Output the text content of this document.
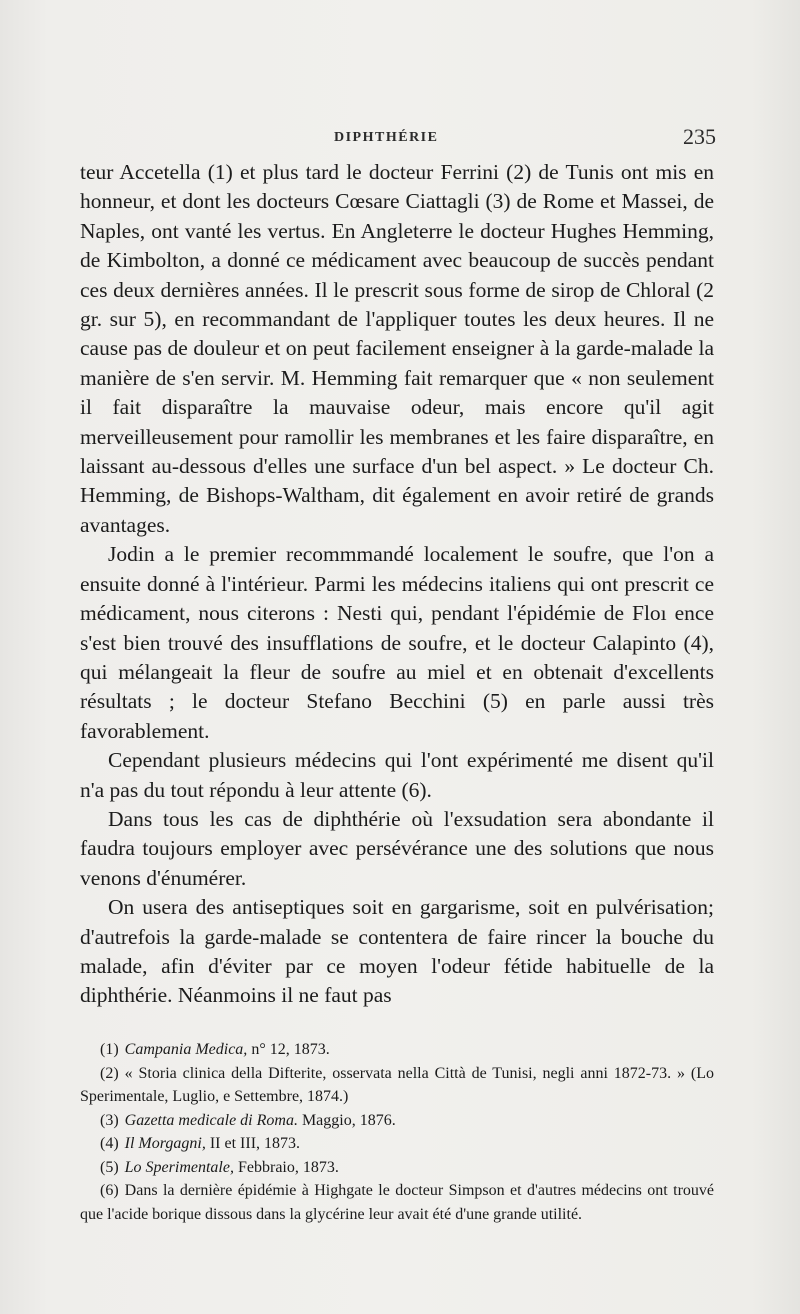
DIPHTHÉRIE	235

teur Accetella (1) et plus tard le docteur Ferrini (2) de Tunis ont mis en honneur, et dont les docteurs Cœsare Ciattagli (3) de Rome et Massei, de Naples, ont vanté les vertus. En Angleterre le docteur Hughes Hemming, de Kimbolton, a donné ce médicament avec beaucoup de succès pendant ces deux dernières années. Il le prescrit sous forme de sirop de Chloral (2 gr. sur 5), en recommandant de l'appliquer toutes les deux heures. Il ne cause pas de douleur et on peut facilement enseigner à la garde-malade la manière de s'en servir. M. Hemming fait remarquer que « non seulement il fait disparaître la mauvaise odeur, mais encore qu'il agit merveilleusement pour ramollir les membranes et les faire disparaître, en laissant au-dessous d'elles une surface d'un bel aspect. » Le docteur Ch. Hemming, de Bishops-Waltham, dit également en avoir retiré de grands avantages.

Jodin a le premier recommmandé localement le soufre, que l'on a ensuite donné à l'intérieur. Parmi les médecins italiens qui ont prescrit ce médicament, nous citerons : Nesti qui, pendant l'épidémie de Floı ence s'est bien trouvé des insufflations de soufre, et le docteur Calapinto (4), qui mélangeait la fleur de soufre au miel et en obtenait d'excellents résultats ; le docteur Stefano Becchini (5) en parle aussi très favorablement.

Cependant plusieurs médecins qui l'ont expérimenté me disent qu'il n'a pas du tout répondu à leur attente (6).

Dans tous les cas de diphthérie où l'exsudation sera abondante il faudra toujours employer avec persévérance une des solutions que nous venons d'énumérer.

On usera des antiseptiques soit en gargarisme, soit en pulvérisation; d'autrefois la garde-malade se contentera de faire rincer la bouche du malade, afin d'éviter par ce moyen l'odeur fétide habituelle de la diphthérie. Néanmoins il ne faut pas

(1) Campania Medica, n° 12, 1873.

(2) « Storia clinica della Difterite, osservata nella Città de Tunisi, negli anni 1872-73. » (Lo Sperimentale, Luglio, e Settembre, 1874.)

(3) Gazetta medicale di Roma. Maggio, 1876.

(4) Il Morgagni, II et III, 1873.

(5) Lo Sperimentale, Febbraio, 1873.

(6) Dans la dernière épidémie à Highgate le docteur Simpson et d'autres médecins ont trouvé que l'acide borique dissous dans la glycérine leur avait été d'une grande utilité.
